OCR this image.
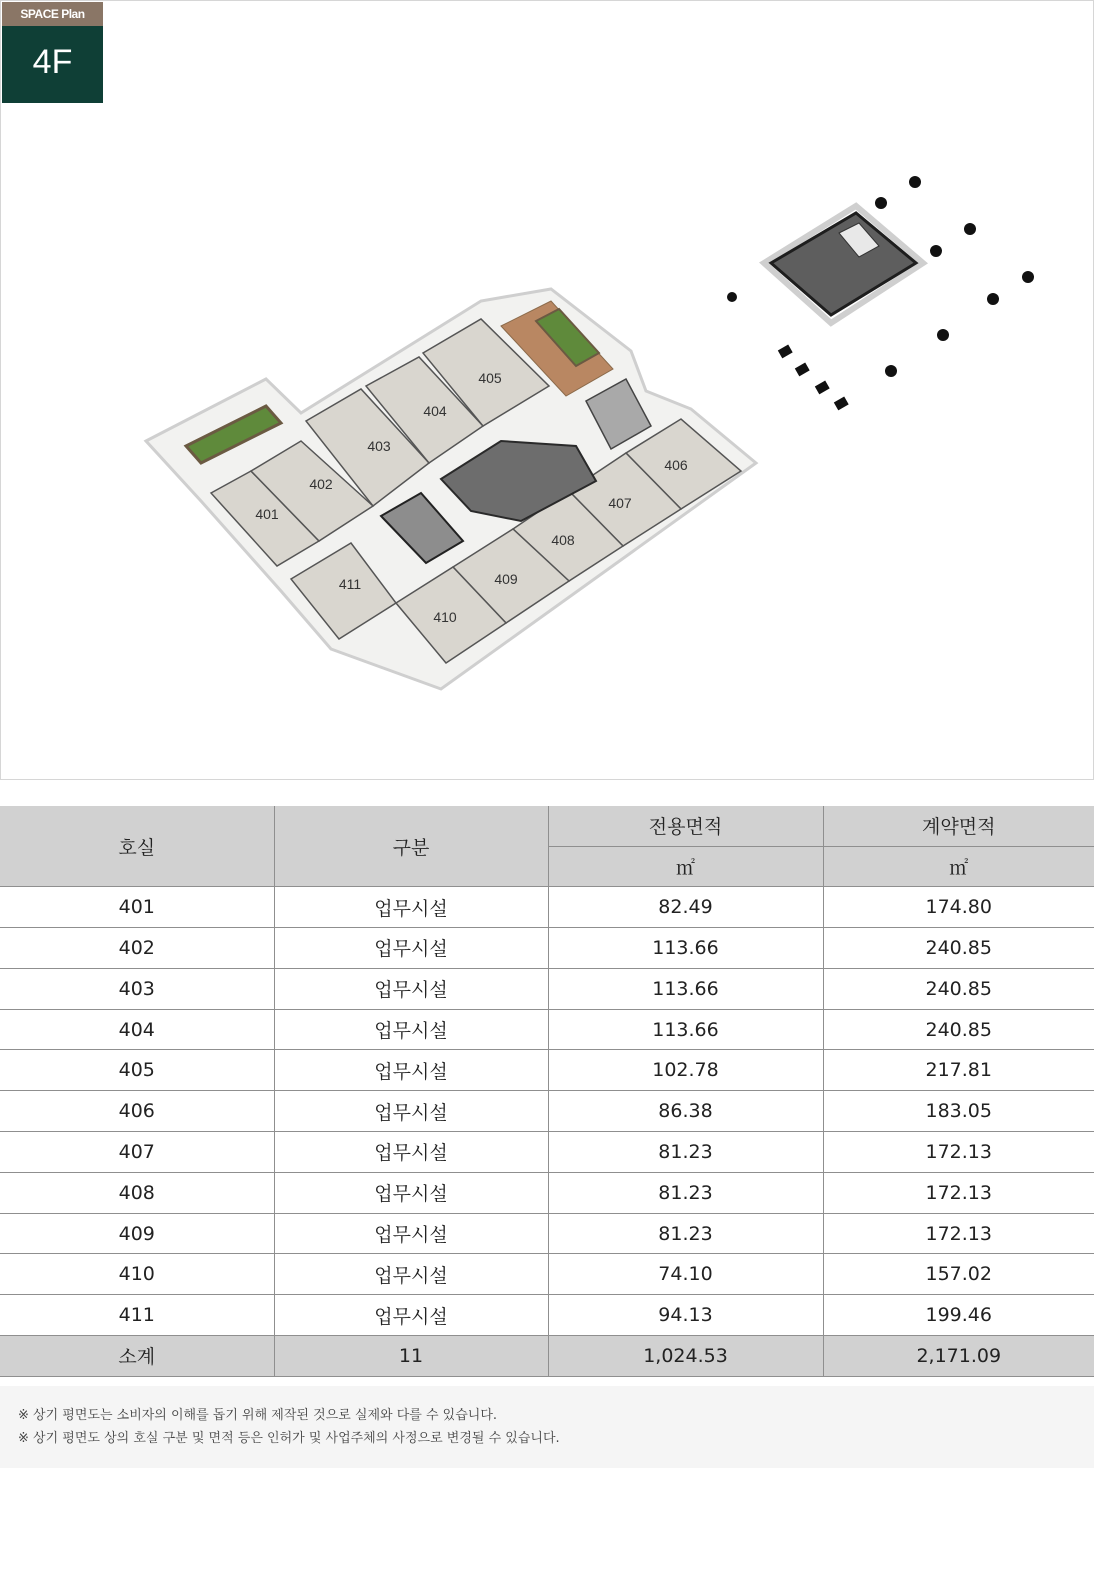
SPACE Plan
4F
401
402
403
404
405
406
407
408
409
410
411
호실	구분	전용면적	계약면적
		㎡	㎡
401	업무시설	82.49	174.80
402	업무시설	113.66	240.85
403	업무시설	113.66	240.85
404	업무시설	113.66	240.85
405	업무시설	102.78	217.81
406	업무시설	86.38	183.05
407	업무시설	81.23	172.13
408	업무시설	81.23	172.13
409	업무시설	81.23	172.13
410	업무시설	74.10	157.02
411	업무시설	94.13	199.46
소계	11	1,024.53	2,171.09

※ 상기 평면도는 소비자의 이해를 돕기 위해 제작된 것으로 실제와 다를 수 있습니다.

※ 상기 평면도 상의 호실 구분 및 면적 등은 인허가 및 사업주체의 사정으로 변경될 수 있습니다.
